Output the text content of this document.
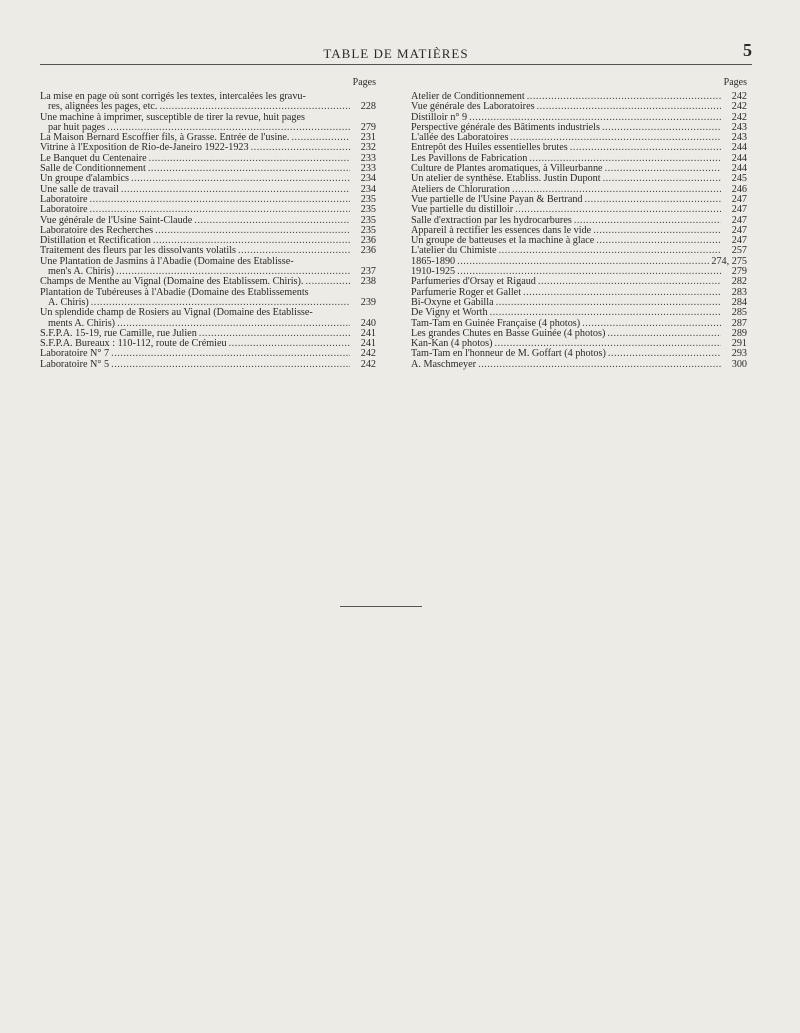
TABLE DE MATIÈRES	5
Pages
La mise en page où sont corrigés les textes, intercalées les gravu-
res, alignées les pages, etc. .....	228
Une machine à imprimer, susceptible de tirer la revue, huit pages
par huit pages .....	279
La Maison Bernard Escoffier fils, à Grasse. Entrée de l'usine. .....	231
Vitrine à l'Exposition de Rio-de-Janeiro 1922-1923 .....	232
Le Banquet du Centenaire .....	233
Salle de Conditionnement .....	233
Un groupe d'alambics .....	234
Une salle de travail .....	234
Laboratoire .....	235
Laboratoire .....	235
Vue générale de l'Usine Saint-Claude .....	235
Laboratoire des Recherches .....	235
Distillation et Rectification .....	236
Traitement des fleurs par les dissolvants volatils .....	236
Une Plantation de Jasmins à l'Abadie (Domaine des Etablisse-
men's A. Chiris) .....	237
Champs de Menthe au Vignal (Domaine des Etablissem. Chiris). .....	238
Plantation de Tubéreuses à l'Abadie (Domaine des Etablissements
A. Chiris) .....	239
Un splendide champ de Rosiers au Vignal (Domaine des Etablisse-
ments A. Chiris) .....	240
S.F.P.A. 15-19, rue Camille, rue Julien .....	241
S.F.P.A. Bureaux : 110-112, route de Crémieu .....	241
Laboratoire N° 7 .....	242
Laboratoire N° 5 .....	242
Pages
Atelier de Conditionnement .....	242
Vue générale des Laboratoires .....	242
Distilloir n° 9 .....	242
Perspective générale des Bâtiments industriels .....	243
L'allée des Laboratoires .....	243
Entrepôt des Huiles essentielles brutes .....	244
Les Pavillons de Fabrication .....	244
Culture de Plantes aromatiques, à Villeurbanne .....	244
Un atelier de synthèse. Etabliss. Justin Dupont .....	245
Ateliers de Chloruration .....	246
Vue partielle de l'Usine Payan & Bertrand .....	247
Vue partielle du distilloir .....	247
Salle d'extraction par les hydrocarbures .....	247
Appareil à rectifier les essences dans le vide .....	247
Un groupe de batteuses et la machine à glace .....	247
L'atelier du Chimiste .....	257
1865-1890 .....	274, 275
1910-1925 .....	279
Parfumeries d'Orsay et Rigaud .....	282
Parfumerie Roger et Gallet .....	283
Bi-Oxyne et Gabilla .....	284
De Vigny et Worth .....	285
Tam-Tam en Guinée Française (4 photos) .....	287
Les grandes Chutes en Basse Guinée (4 photos) .....	289
Kan-Kan (4 photos) .....	291
Tam-Tam en l'honneur de M. Goffart (4 photos) .....	293
A. Maschmeyer .....	300
